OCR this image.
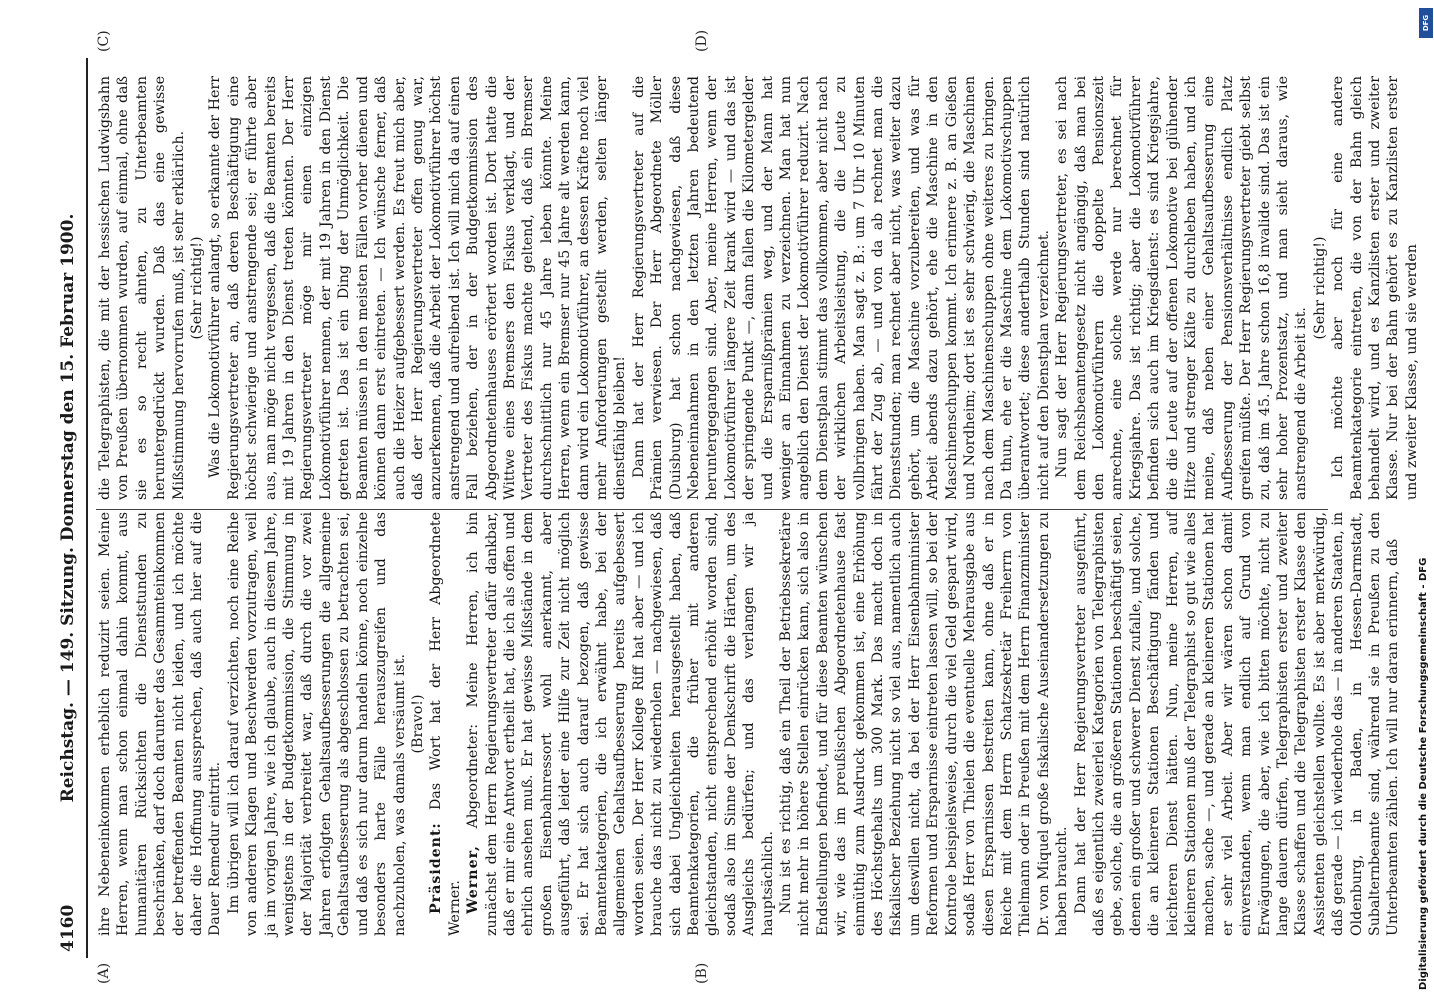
4160
Reichstag. — 149. Sitzung. Donnerstag den 15. Februar 1900.
(A)	(B)
(C)	(D)

ihre Nebeneinkommen erheblich reduzirt seien. Meine Herren, wenn man schon einmal dahin kommt, aus humanitären Rücksichten die Dienststunden zu beschränken, darf doch darunter das Gesammteinkommen der betreffenden Beamten nicht leiden, und ich möchte daher die Hoffnung aussprechen, daß auch hier auf die Dauer Remedur eintritt. Im übrigen will ich darauf verzichten, noch eine Reihe von anderen Klagen und Beschwerden vorzutragen, weil ja im vorigen Jahre, wie ich glaube, auch in diesem Jahre, wenigstens in der Budgetkommission, die Stimmung in der Majorität verbreitet war, daß durch die vor zwei Jahren erfolgten Gehaltsaufbesserungen die allgemeine Gehaltsaufbesserung als abgeschlossen zu betrachten sei, und daß es sich nur darum handeln könne, noch einzelne besonders harte Fälle herauszugreifen und das nachzuholen, was damals versäumt ist. (Bravo!)

Präsident: Das Wort hat der Herr Abgeordnete Werner. Werner, Abgeordneter: Meine Herren, ich bin zunächst dem Herrn Regierungsvertreter dafür dankbar, daß er mir eine Antwort ertheilt hat, die ich als offen und ehrlich ansehen muß. Er hat gewisse Mißstände in dem großen Eisenbahnressort wohl anerkannt, aber ausgeführt, daß leider eine Hilfe zur Zeit nicht möglich sei. Er hat sich auch darauf bezogen, daß gewisse Beamtenkategorien, die ich erwähnt habe, bei der allgemeinen Gehaltsaufbesserung bereits aufgebessert worden seien. Der Herr Kollege Riff hat aber — und ich brauche das nicht zu wiederholen — nachgewiesen, daß sich dabei Ungleichheiten herausgestellt haben, daß Beamtenkategorien, die früher mit anderen gleichstanden, nicht entsprechend erhöht worden sind, sodaß also im Sinne der Denkschrift die Härten, um des Ausgleichs bedürfen; und das verlangen wir ja hauptsächlich. Nun ist es richtig, daß ein Theil der Betriebssekretäre nicht mehr in höhere Stellen einrücken kann, sich also in Endstellungen befindet, und für diese Beamten wünschen wir, wie das im preußischen Abgeordnetenhause fast einmüthig zum Ausdruck gekommen ist, eine Erhöhung des Höchstgehalts um 300 Mark. Das macht doch in fiskalischer Beziehung nicht so viel aus, namentlich auch um deswillen nicht, da bei der Herr Eisenbahnminister Reformen und Ersparnisse eintreten lassen will, so bei der Kontrole beispielsweise, durch die viel Geld gespart wird, sodaß Herr von Thielen die eventuelle Mehrausgabe aus diesen Ersparnissen bestreiten kann, ohne daß er in Reiche mit dem Herrn Schatzsekretär Freiherrn von Thielmann oder in Preußen mit dem Herrn Finanzminister Dr. von Miquel große fiskalische Auseinandersetzungen zu haben braucht. Dann hat der Herr Regierungsvertreter ausgeführt, daß es eigentlich zweierlei Kategorien von Telegraphisten gebe, solche, die an größeren Stationen beschäftigt seien, denen ein großer und schwerer Dienst zufalle, und solche, die an kleineren Stationen Beschäftigung fänden und leichteren Dienst hätten. Nun, meine Herren, auf kleineren Stationen muß der Telegraphist so gut wie alles machen, sache —, und gerade an kleineren Stationen hat er sehr viel Arbeit. Aber wir wären schon damit einverstanden, wenn man endlich auf Grund von Erwägungen, die aber, wie ich bitten möchte, nicht zu lange dauern dürfen, Telegraphisten erster und zweiter Klasse schaffen und die Telegraphisten erster Klasse den Assistenten gleichstellen wollte. Es ist aber merkwürdig, daß gerade — ich wiederhole das — in anderen Staaten, in Oldenburg, in Baden, in Hessen-Darmstadt, Subalternbeamte sind, während sie in Preußen zu den Unterbeamten zählen. Ich will nur daran erinnern, daß

die Telegraphisten, die mit der hessischen Ludwigsbahn von Preußen übernommen wurden, auf einmal, ohne daß sie es so recht ahnten, zu Unterbeamten heruntergedrückt wurden. Daß das eine gewisse Mißstimmung hervorrufen muß, ist sehr erklärlich. (Sehr richtig!) Was die Lokomotivführer anlangt, so erkannte der Herr Regierungsvertreter an, daß deren Beschäftigung eine höchst schwierige und anstrengende sei; er führte aber aus, man möge nicht vergessen, daß die Beamten bereits mit 19 Jahren in den Dienst treten könnten. Der Herr Regierungsvertreter möge mir einen einzigen Lokomotivführer nennen, der mit 19 Jahren in den Dienst getreten ist. Das ist ein Ding der Unmöglichkeit. Die Beamten müssen in den meisten Fällen vorher dienen und können dann erst eintreten. — Ich wünsche ferner, daß auch die Heizer aufgebessert werden. Es freut mich aber, daß der Herr Regierungsvertreter offen genug war, anzuerkennen, daß die Arbeit der Lokomotivführer höchst anstrengend und aufreibend ist. Ich will mich da auf einen Fall beziehen, der in der Budgetkommission des Abgeordnetenhauses erörtert worden ist. Dort hatte die Wittwe eines Bremsers den Fiskus verklagt, und der Vertreter des Fiskus machte geltend, daß ein Bremser durchschnittlich nur 45 Jahre leben könnte. Meine Herren, wenn ein Bremser nur 45 Jahre alt werden kann, dann wird ein Lokomotivführer, an dessen Kräfte noch viel mehr Anforderungen gestellt werden, selten länger dienstfähig bleiben! Dann hat der Herr Regierungsvertreter auf die Prämien verwiesen. Der Herr Abgeordnete Möller (Duisburg) hat schon nachgewiesen, daß diese Nebeneinnahmen in den letzten Jahren bedeutend heruntergegangen sind. Aber, meine Herren, wenn der Lokomotivführer längere Zeit krank wird — und das ist der springende Punkt —, dann fallen die Kilometergelder und die Ersparnißprämien weg, und der Mann hat weniger an Einnahmen zu verzeichnen. Man hat nun angeblich den Dienst der Lokomotivführer reduzirt. Nach dem Dienstplan stimmt das vollkommen, aber nicht nach der wirklichen Arbeitsleistung, die die Leute zu vollbringen haben. Man sagt z. B.: um 7 Uhr 10 Minuten fährt der Zug ab, — und von da ab rechnet man die Dienststunden; man rechnet aber nicht, was weiter dazu gehört, um die Maschine vorzubereiten, und was für Arbeit abends dazu gehört, ehe die Maschine in den Maschinenschuppen kommt. Ich erinnere z. B. an Gießen und Nordheim; dort ist es sehr schwierig, die Maschinen nach dem Maschinenschuppen ohne weiteres zu bringen. Da thun, ehe er die Maschine dem Lokomotivschuppen überantwortet; diese anderthalb Stunden sind natürlich nicht auf den Dienstplan verzeichnet. Nun sagt der Herr Regierungsvertreter, es sei nach dem Reichsbeamtengesetz nicht angängig, daß man bei den Lokomotivführern die doppelte Pensionszeit anrechne, eine solche werde nur berechnet für Kriegsjahre. Das ist richtig; aber die Lokomotivführer befinden sich auch im Kriegsdienst: es sind Kriegsjahre, die die Leute auf der offenen Lokomotive bei glühender Hitze und strenger Kälte zu durchleben haben, und ich meine, daß neben einer Gehaltsaufbesserung eine Aufbesserung der Pensionsverhältnisse endlich Platz greifen müßte. Der Herr Regierungsvertreter giebt selbst zu, daß im 45. Jahre schon 16,8 invalide sind. Das ist ein sehr hoher Prozentsatz, und man sieht daraus, wie anstrengend die Arbeit ist.

(Sehr richtig!) Ich möchte aber noch für eine andere Beamtenkategorie eintreten, die von der Bahn gleich behandelt wird, und es Kanzlisten erster und zweiter Klasse. Nur bei der Bahn gehört es zu Kanzlisten erster und zweiter Klasse, und sie werden

DFG
Digitalisierung gefördert durch die Deutsche Forschungsgemeinschaft - DFG
